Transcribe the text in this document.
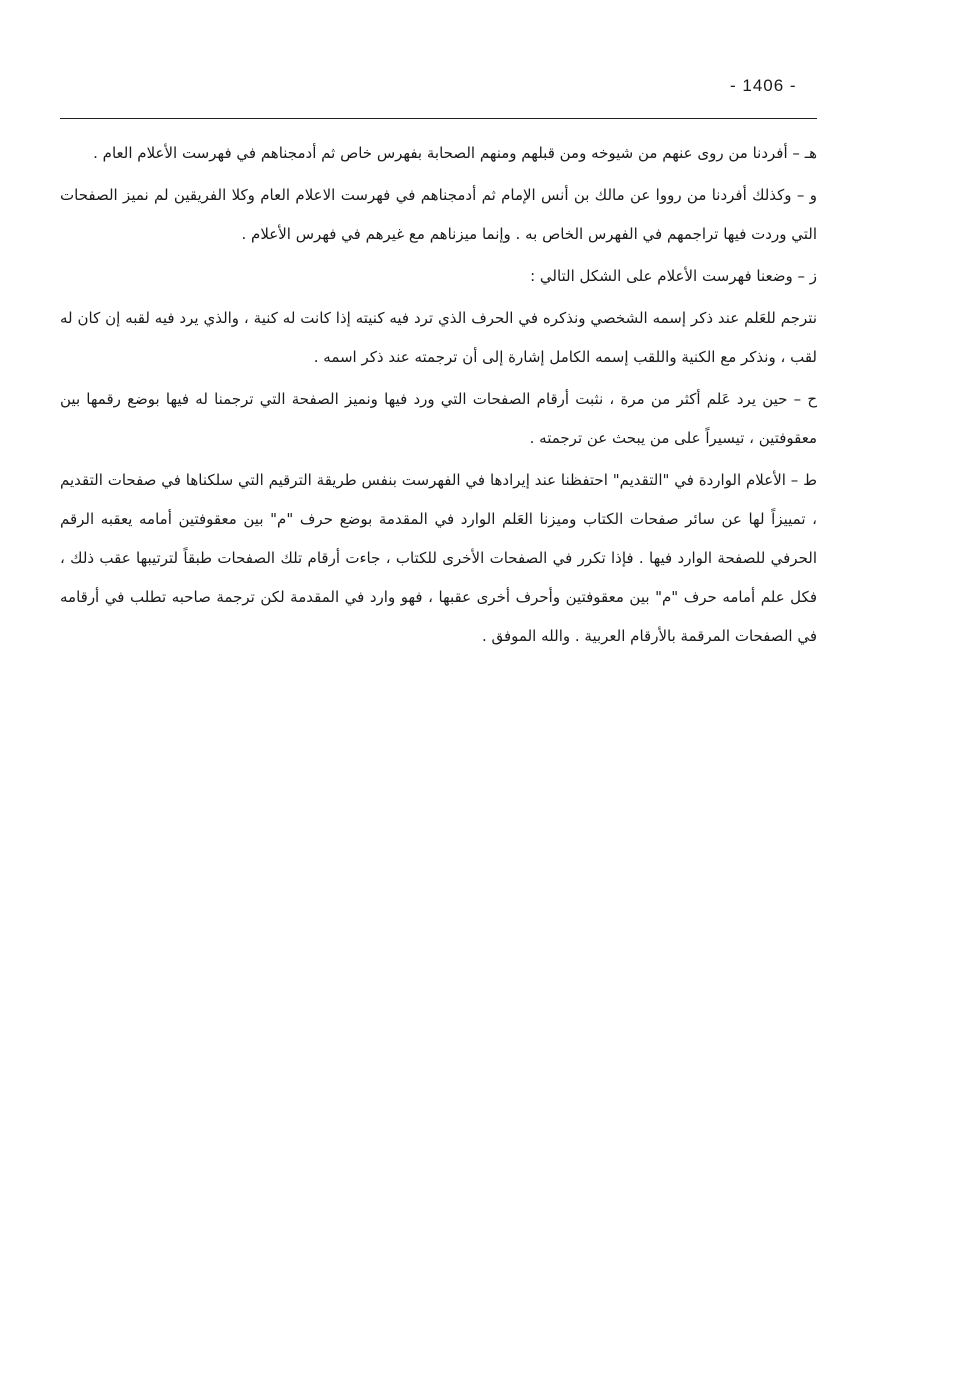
- 1406 -

هـ – أفردنا من روى عنهم من شيوخه ومن قبلهم ومنهم الصحابة بفهرس خاص ثم أدمجناهم في فهرست الأعلام العام .

و – وكذلك أفردنا من رووا عن مالك بن أنس الإمام ثم أدمجناهم في فهرست الاعلام العام وكلا الفريقين لم نميز الصفحات التي وردت فيها تراجمهم في الفهرس الخاص به . وإنما ميزناهم مع غيرهم في فهرس الأعلام .

ز – وضعنا فهرست الأعلام على الشكل التالي :

نترجم للعَلم عند ذكر إسمه الشخصي ونذكره في الحرف الذي ترد فيه كنيته إذا كانت له كنية ، والذي يرد فيه لقبه إن كان له لقب ، ونذكر مع الكنية واللقب إسمه الكامل إشارة إلى أن ترجمته عند ذكر اسمه .

ح – حين يرد عَلم أكثر من مرة ، نثبت أرقام الصفحات التي ورد فيها ونميز الصفحة التي ترجمنا له فيها بوضع رقمها بين معقوفتين ، تيسيراً على من يبحث عن ترجمته .

ط – الأعلام الواردة في "التقديم" احتفظنا عند إيرادها في الفهرست بنفس طريقة الترقيم التي سلكناها في صفحات التقديم ، تمييزاً لها عن سائر صفحات الكتاب وميزنا العَلم الوارد في المقدمة بوضع حرف "م" بين معقوفتين أمامه يعقبه الرقم الحرفي للصفحة الوارد فيها . فإذا تكرر في الصفحات الأخرى للكتاب ، جاءت أرقام تلك الصفحات طبقاً لترتيبها عقب ذلك ، فكل علم أمامه حرف "م" بين معقوفتين وأحرف أخرى عقبها ، فهو وارد في المقدمة لكن ترجمة صاحبه تطلب في أرقامه في الصفحات المرقمة بالأرقام العربية . والله الموفق .
